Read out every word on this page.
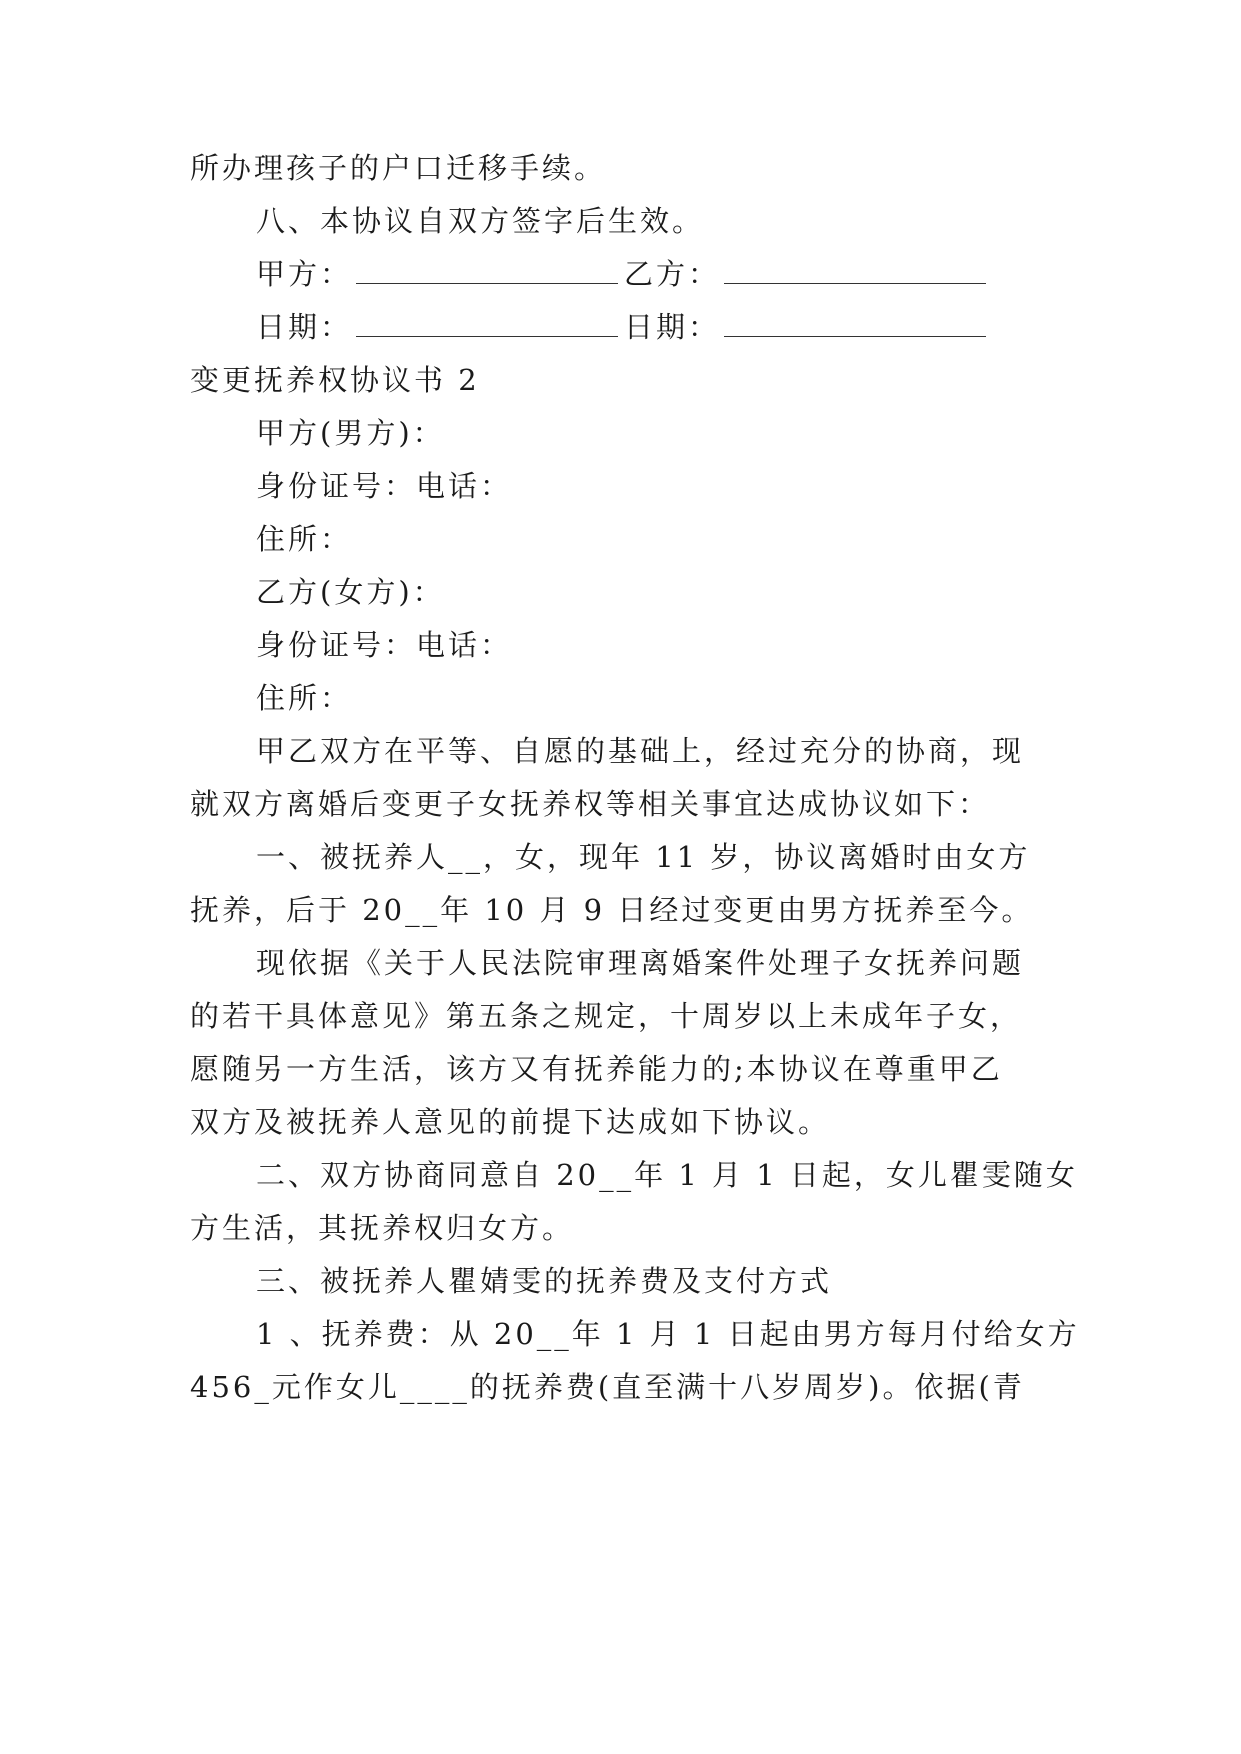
所办理孩子的户口迁移手续。
八、本协议自双方签字后生效。
甲方：	乙方：
日期：	日期：
变更抚养权协议书 2
甲方(男方)：
身份证号：电话：
住所：
乙方(女方)：
身份证号：电话：
住所：
甲乙双方在平等、自愿的基础上，经过充分的协商，现
就双方离婚后变更子女抚养权等相关事宜达成协议如下：
一、被抚养人__，女，现年 11 岁，协议离婚时由女方
抚养，后于 20__年 10 月 9 日经过变更由男方抚养至今。
现依据《关于人民法院审理离婚案件处理子女抚养问题
的若干具体意见》第五条之规定，十周岁以上未成年子女，
愿随另一方生活，该方又有抚养能力的;本协议在尊重甲乙
双方及被抚养人意见的前提下达成如下协议。
二、双方协商同意自 20__年 1 月 1 日起，女儿瞿雯随女
方生活，其抚养权归女方。
三、被抚养人瞿婧雯的抚养费及支付方式
1 、抚养费：从 20__年 1 月 1 日起由男方每月付给女方
456_元作女儿____的抚养费(直至满十八岁周岁)。依据(青
